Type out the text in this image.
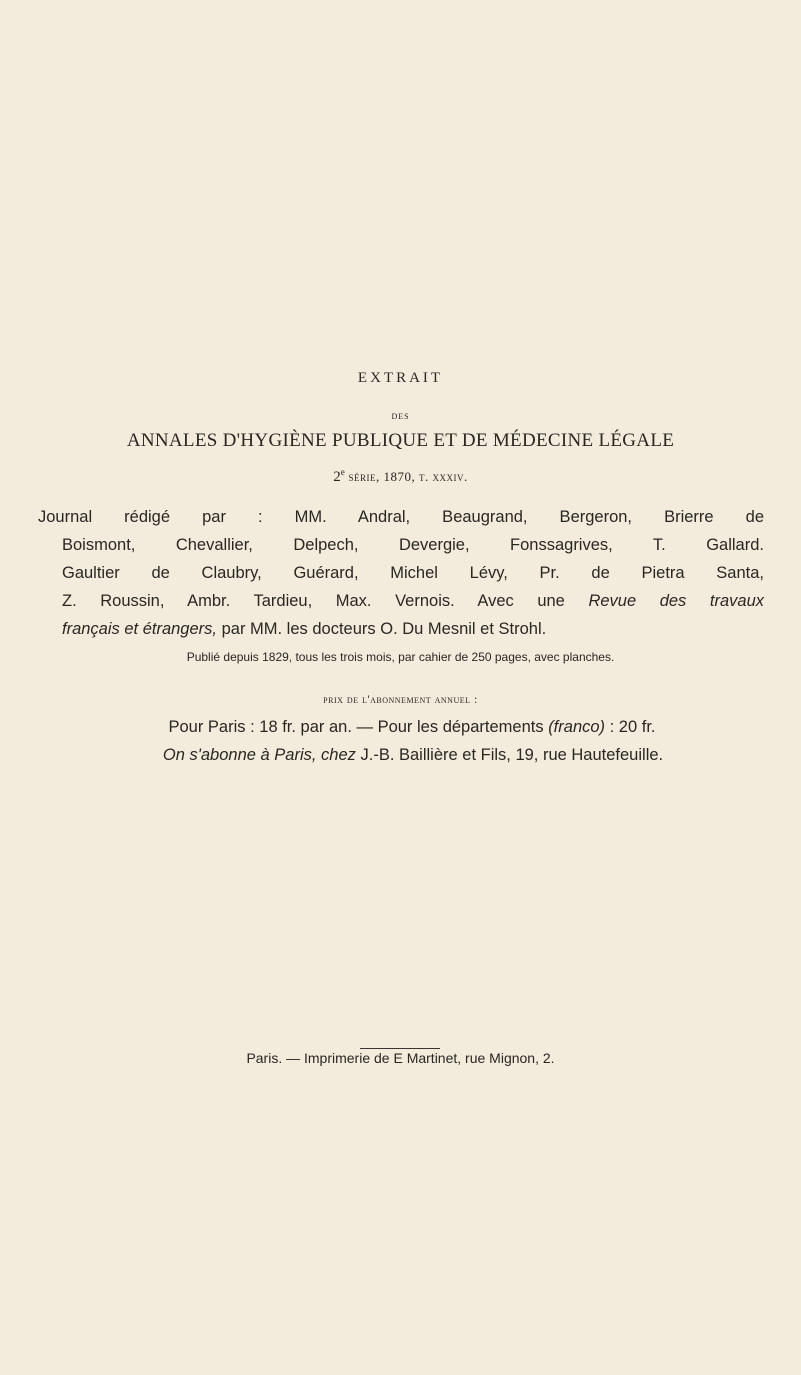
EXTRAIT
DES
ANNALES D'HYGIÈNE PUBLIQUE ET DE MÉDECINE LÉGALE
2e série, 1870, t. xxxiv.
Journal rédigé par : MM. Andral, Beaugrand, Bergeron, Brierre de
Boismont, Chevallier, Delpech, Devergie, Fonssagrives, T. Gallard.
Gaultier de Claubry, Guérard, Michel Lévy, Pr. de Pietra Santa,
Z. Roussin, Ambr. Tardieu, Max. Vernois. Avec une Revue des travaux
français et étrangers, par MM. les docteurs O. Du Mesnil et Strohl.
Publié depuis 1829, tous les trois mois, par cahier de 250 pages, avec planches.
prix de l'abonnement annuel :
Pour Paris : 18 fr. par an. — Pour les départements (franco) : 20 fr.
On s'abonne à Paris, chez J.-B. Baillière et Fils, 19, rue Hautefeuille.
Paris. — Imprimerie de E Martinet, rue Mignon, 2.
